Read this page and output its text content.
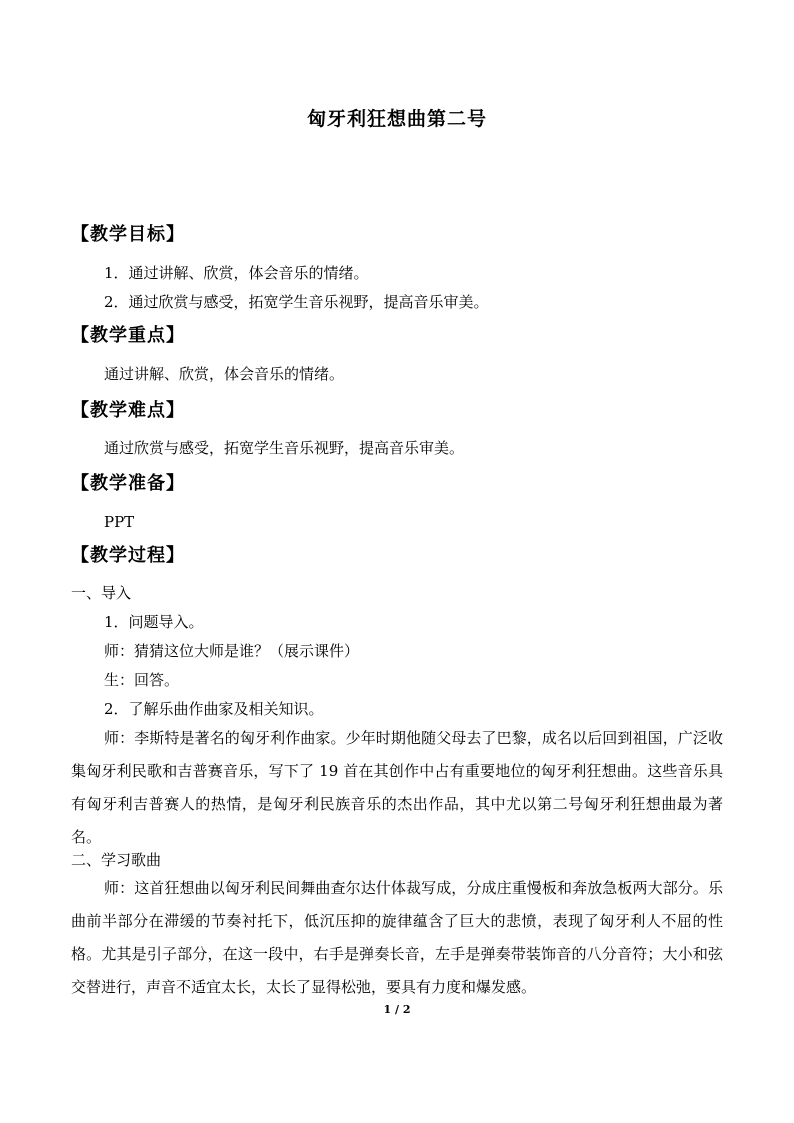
匈牙利狂想曲第二号
【教学目标】
1．通过讲解、欣赏，体会音乐的情绪。
2．通过欣赏与感受，拓宽学生音乐视野，提高音乐审美。
【教学重点】
通过讲解、欣赏，体会音乐的情绪。
【教学难点】
通过欣赏与感受，拓宽学生音乐视野，提高音乐审美。
【教学准备】
PPT
【教学过程】
一、导入
1．问题导入。
师：猜猜这位大师是谁？（展示课件）
生：回答。
2．了解乐曲作曲家及相关知识。
师：李斯特是著名的匈牙利作曲家。少年时期他随父母去了巴黎，成名以后回到祖国，广泛收集匈牙利民歌和吉普赛音乐，写下了 19 首在其创作中占有重要地位的匈牙利狂想曲。这些音乐具有匈牙利吉普赛人的热情，是匈牙利民族音乐的杰出作品，其中尤以第二号匈牙利狂想曲最为著名。
二、学习歌曲
师：这首狂想曲以匈牙利民间舞曲查尔达什体裁写成，分成庄重慢板和奔放急板两大部分。乐曲前半部分在滞缓的节奏衬托下，低沉压抑的旋律蕴含了巨大的悲愤，表现了匈牙利人不屈的性格。尤其是引子部分，在这一段中，右手是弹奏长音，左手是弹奏带装饰音的八分音符；大小和弦交替进行，声音不适宜太长，太长了显得松弛，要具有力度和爆发感。
1 / 2
